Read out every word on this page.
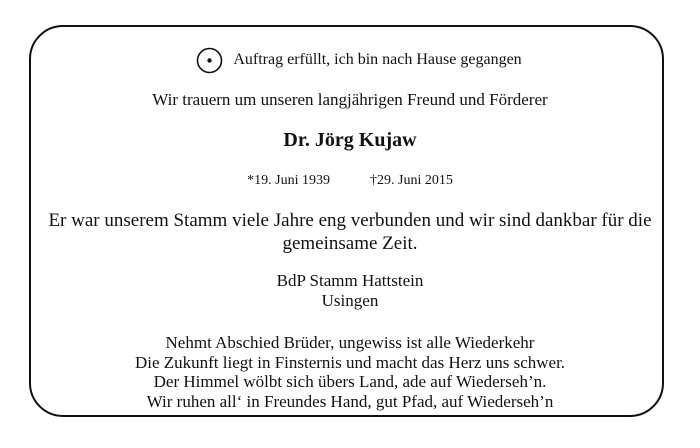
Auftrag erfüllt, ich bin nach Hause gegangen
Wir trauern um unseren langjährigen Freund und Förderer
Dr. Jörg Kujaw
*19. Juni 1939	†29. Juni 2015
Er war unserem Stamm viele Jahre eng verbunden und wir sind dankbar für die
gemeinsame Zeit.
BdP Stamm Hattstein
Usingen
Nehmt Abschied Brüder, ungewiss ist alle Wiederkehr
Die Zukunft liegt in Finsternis und macht das Herz uns schwer.
Der Himmel wölbt sich übers Land, ade auf Wiederseh’n.
Wir ruhen all‘ in Freundes Hand, gut Pfad, auf Wiederseh’n
